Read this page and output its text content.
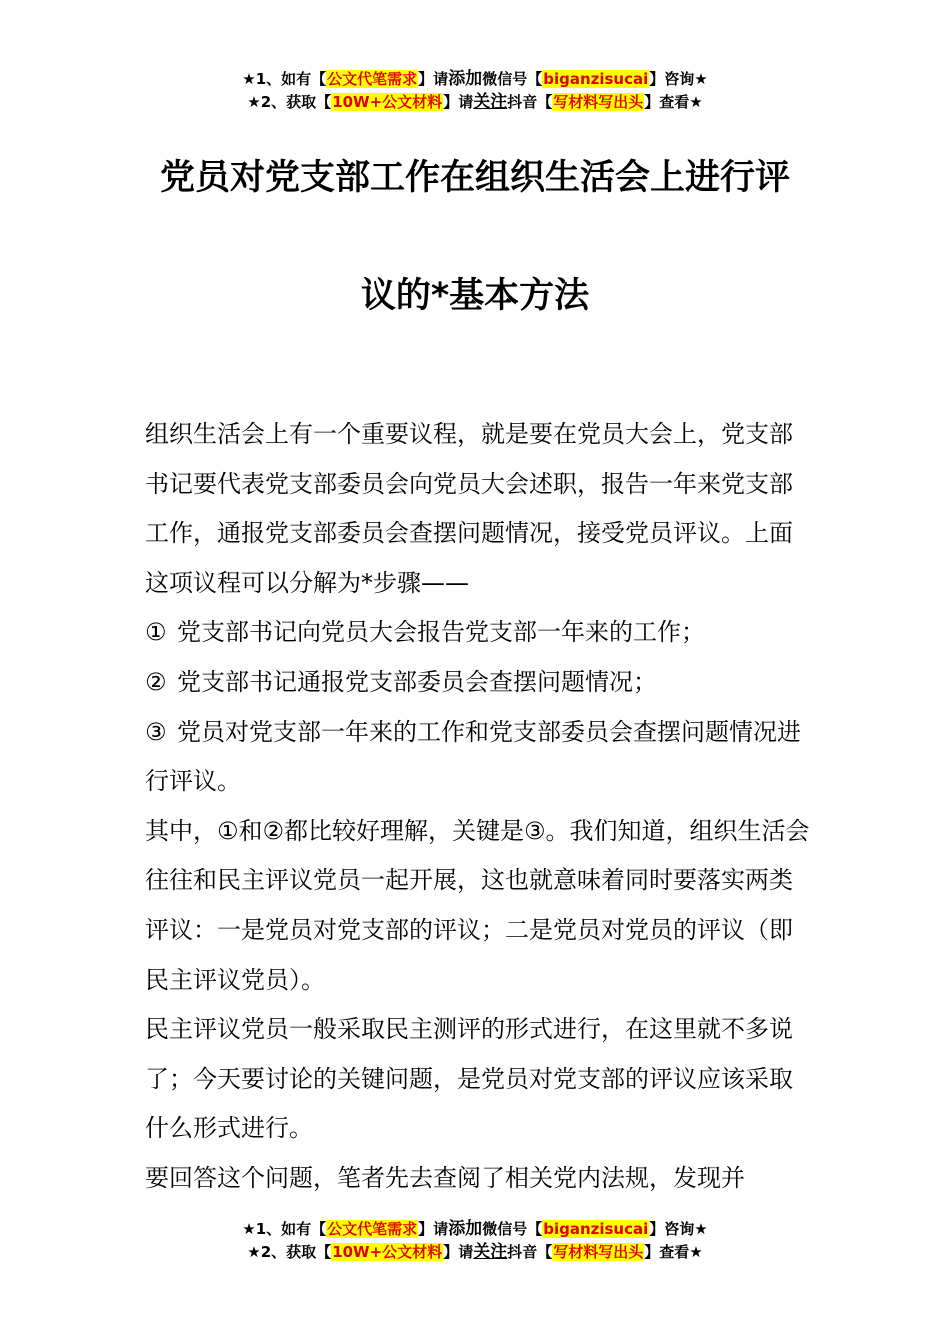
★1、如有【公文代笔需求】请添加微信号【biganzisucai】咨询★
★2、获取【10W+公文材料】请关注抖音【写材料写出头】查看★
党员对党支部工作在组织生活会上进行评
议的*基本方法

组织生活会上有一个重要议程，就是要在党员大会上，党支部书记要代表党支部委员会向党员大会述职，报告一年来党支部工作，通报党支部委员会查摆问题情况，接受党员评议。上面这项议程可以分解为*步骤——

① 党支部书记向党员大会报告党支部一年来的工作；

② 党支部书记通报党支部委员会查摆问题情况；

③ 党员对党支部一年来的工作和党支部委员会查摆问题情况进行评议。

其中，①和②都比较好理解，关键是③。我们知道，组织生活会往往和民主评议党员一起开展，这也就意味着同时要落实两类评议：一是党员对党支部的评议；二是党员对党员的评议（即民主评议党员）。

民主评议党员一般采取民主测评的形式进行，在这里就不多说了；今天要讨论的关键问题，是党员对党支部的评议应该采取什么形式进行。

要回答这个问题，笔者先去查阅了相关党内法规，发现并

★1、如有【公文代笔需求】请添加微信号【biganzisucai】咨询★
★2、获取【10W+公文材料】请关注抖音【写材料写出头】查看★
